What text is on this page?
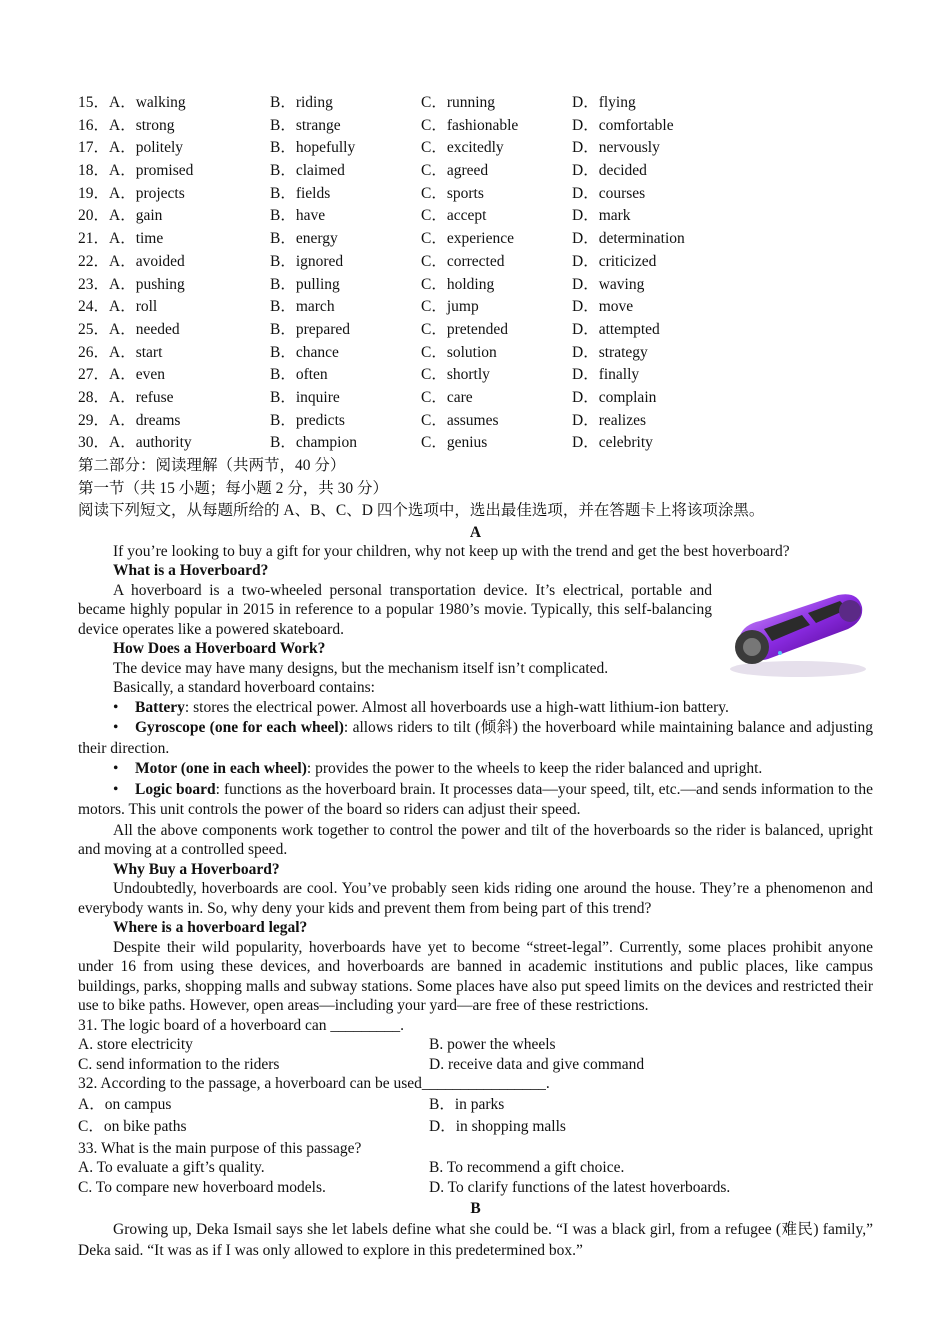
15．A．walking	B．riding	C．running	D．flying
16．A．strong	B．strange	C．fashionable	D．comfortable
17．A．politely	B．hopefully	C．excitedly	D．nervously
18．A．promised	B．claimed	C．agreed	D．decided
19．A．projects	B．fields	C．sports	D．courses
20．A．gain	B．have	C．accept	D．mark
21．A．time	B．energy	C．experience	D．determination
22．A．avoided	B．ignored	C．corrected	D．criticized
23．A．pushing	B．pulling	C．holding	D．waving
24．A．roll	B．march	C．jump	D．move
25．A．needed	B．prepared	C．pretended	D．attempted
26．A．start	B．chance	C．solution	D．strategy
27．A．even	B．often	C．shortly	D．finally
28．A．refuse	B．inquire	C．care	D．complain
29．A．dreams	B．predicts	C．assumes	D．realizes
30．A．authority	B．champion	C．genius	D．celebrity
第二部分：阅读理解（共两节，40 分）
第一节（共 15 小题；每小题 2 分，共 30 分）
阅读下列短文，从每题所给的 A、B、C、D 四个选项中，选出最佳选项，并在答题卡上将该项涂黑。
A

If you’re looking to buy a gift for your children, why not keep up with the trend and get the best hoverboard?

What is a Hoverboard?

A hoverboard is a two-wheeled personal transportation device. It’s electrical, portable and became highly popular in 2015 in reference to a popular 1980’s movie. Typically, this self-balancing device operates like a powered skateboard.

How Does a Hoverboard Work?
The device may have many designs, but the mechanism itself isn’t complicated.
Basically, a standard hoverboard contains:
• Battery: stores the electrical power. Almost all hoverboards use a high-watt lithium-ion battery.
• Gyroscope (one for each wheel): allows riders to tilt (倾斜) the hoverboard while maintaining balance and adjusting their direction.
• Motor (one in each wheel): provides the power to the wheels to keep the rider balanced and upright.
• Logic board: functions as the hoverboard brain. It processes data—your speed, tilt, etc.—and sends information to the motors. This unit controls the power of the board so riders can adjust their speed.

All the above components work together to control the power and tilt of the hoverboards so the rider is balanced, upright and moving at a controlled speed.

Why Buy a Hoverboard?

Undoubtedly, hoverboards are cool. You’ve probably seen kids riding one around the house. They’re a phenomenon and everybody wants in. So, why deny your kids and prevent them from being part of this trend?

Where is a hoverboard legal?

Despite their wild popularity, hoverboards have yet to become “street-legal”. Currently, some places prohibit anyone under 16 from using these devices, and hoverboards are banned in academic institutions and public places, like campus buildings, parks, shopping malls and subway stations. Some places have also put speed limits on the devices and restricted their use to bike paths. However, open areas—including your yard—are free of these restrictions.

31. The logic board of a hoverboard can _________.
A. store electricity	B. power the wheels
C. send information to the riders	D. receive data and give command
32. According to the passage, a hoverboard can be used________________.
A．on campus	B．in parks
C．on bike paths	D．in shopping malls
33. What is the main purpose of this passage?
A. To evaluate a gift’s quality.	B. To recommend a gift choice.
C. To compare new hoverboard models.	D. To clarify functions of the latest hoverboards.
B

Growing up, Deka Ismail says she let labels define what she could be. “I was a black girl, from a refugee (难民) family,” Deka said. “It was as if I was only allowed to explore in this predetermined box.”
